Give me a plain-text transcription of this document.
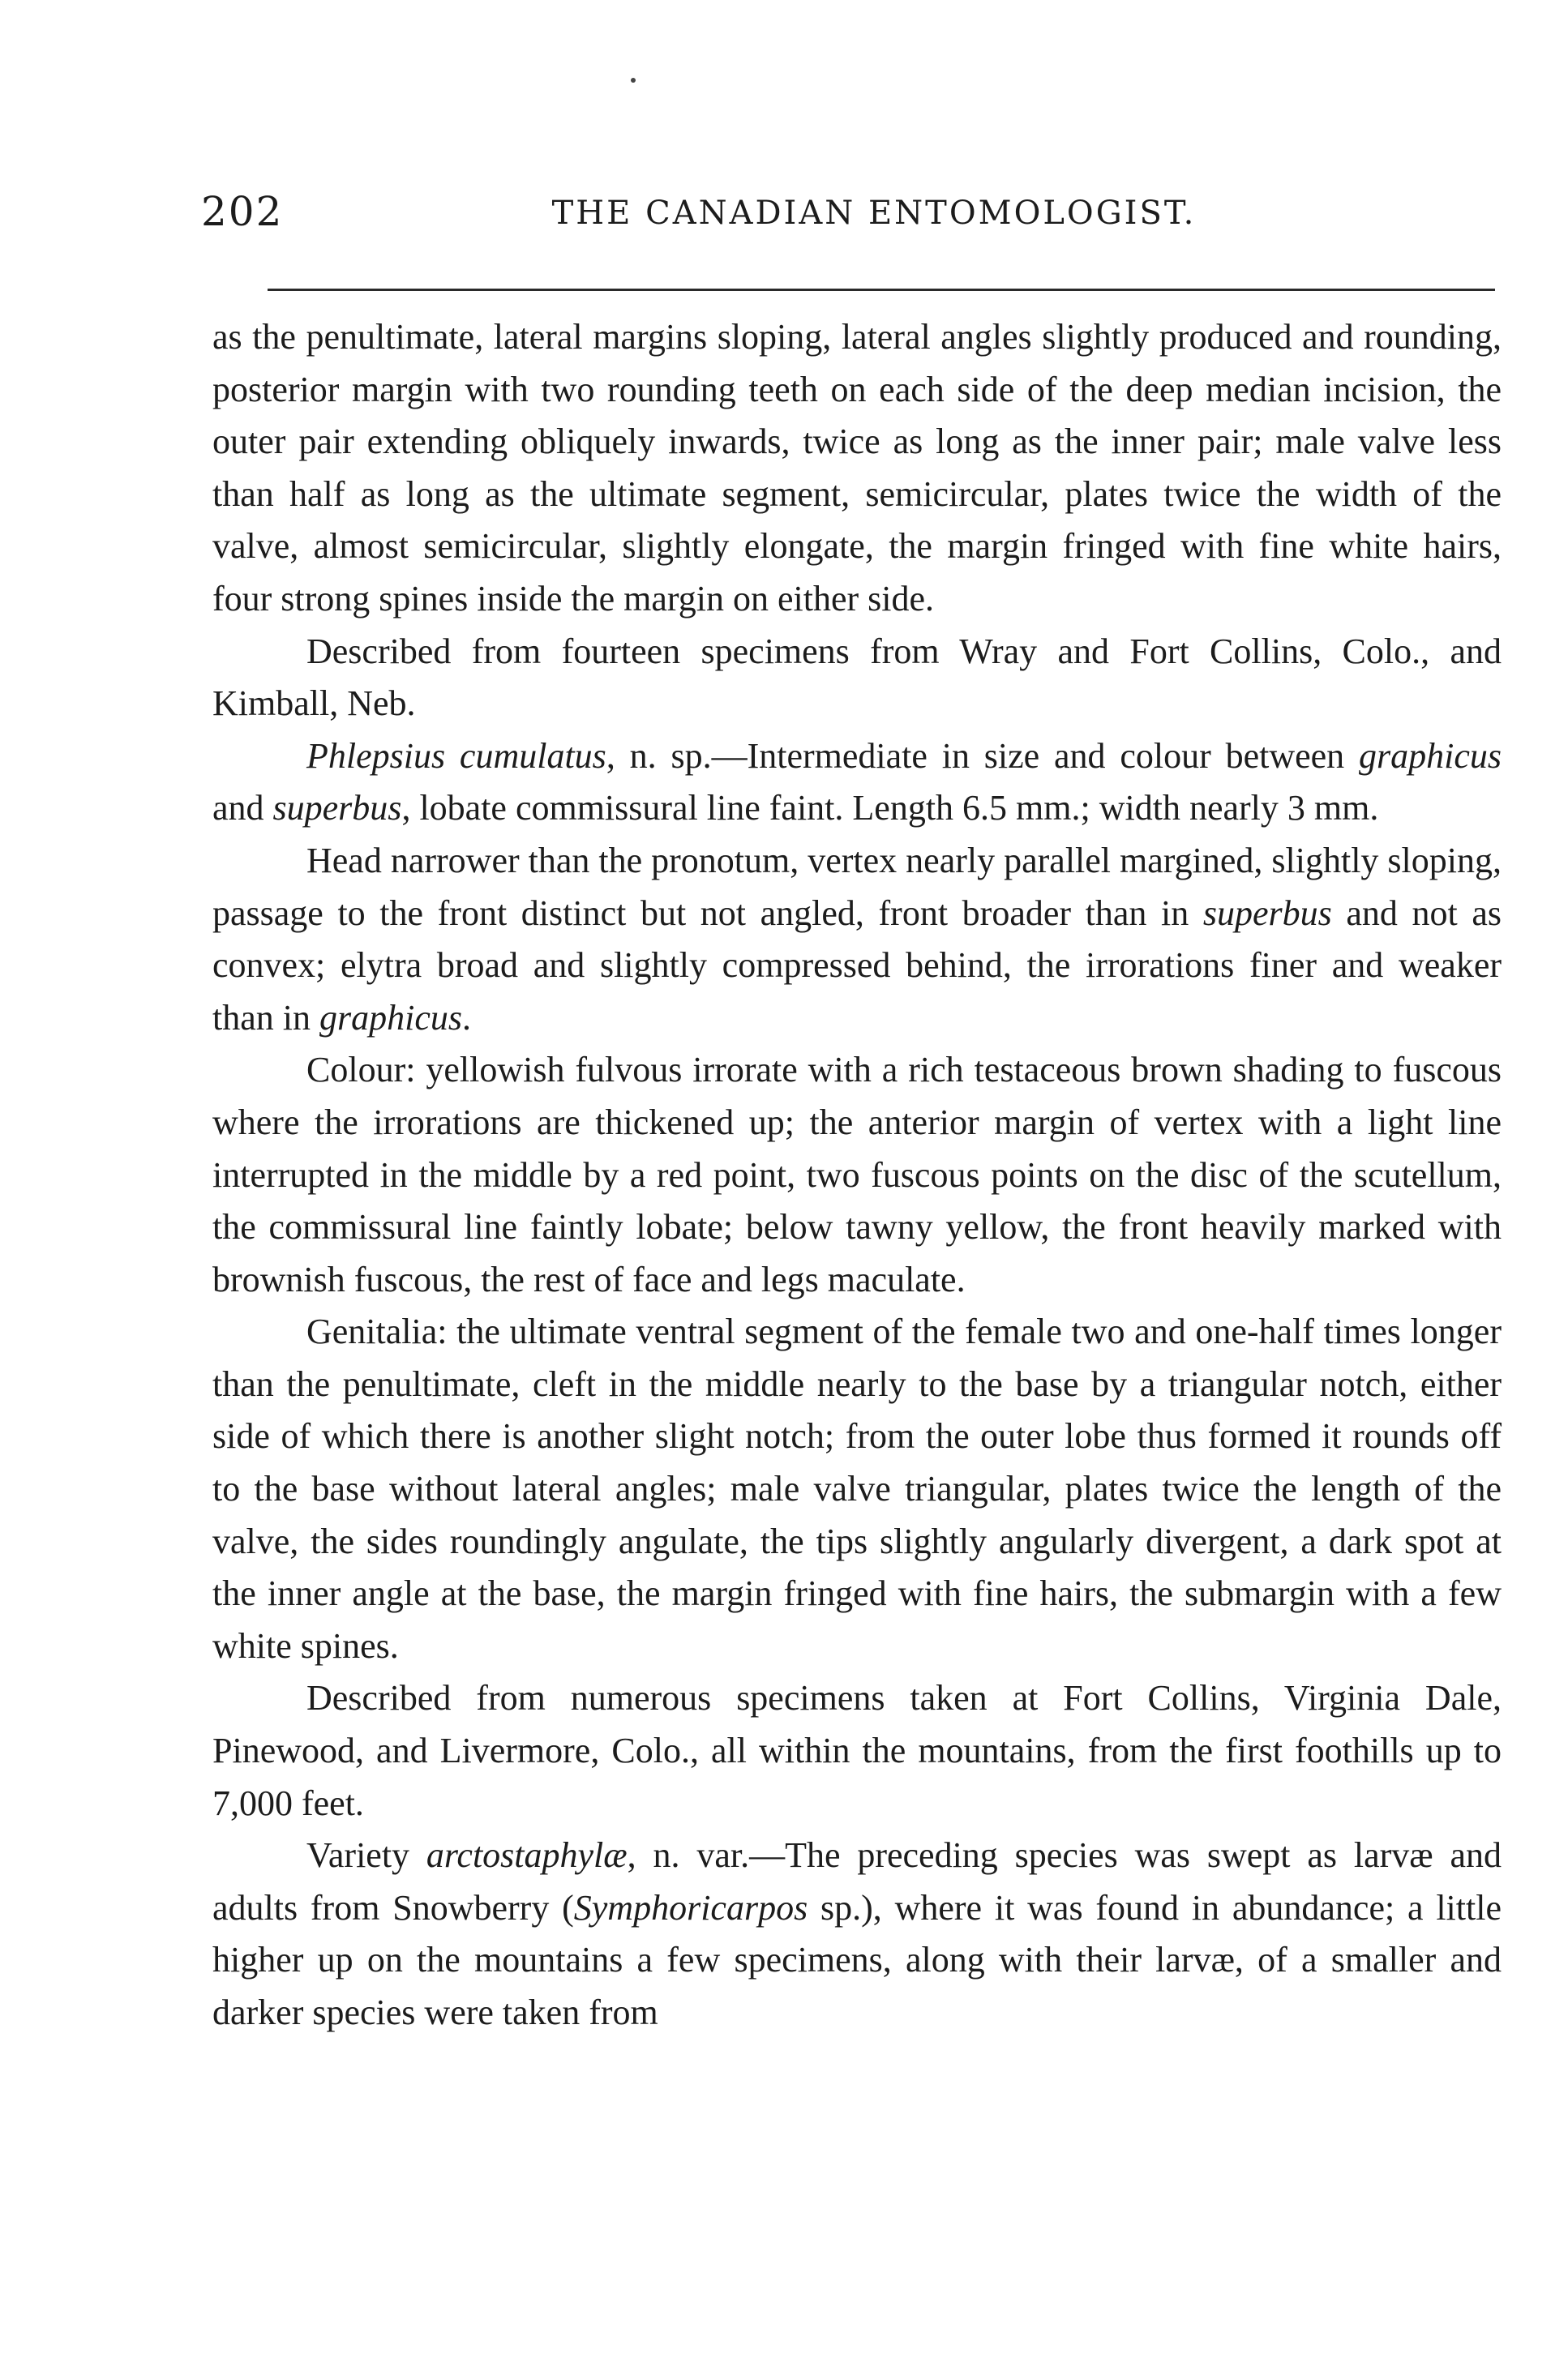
202	THE CANADIAN ENTOMOLOGIST.

as the penultimate, lateral margins sloping, lateral angles slightly produced and rounding, posterior margin with two rounding teeth on each side of the deep median incision, the outer pair extending obliquely inwards, twice as long as the inner pair; male valve less than half as long as the ultimate segment, semicircular, plates twice the width of the valve, almost semicircular, slightly elongate, the margin fringed with fine white hairs, four strong spines inside the margin on either side.

Described from fourteen specimens from Wray and Fort Collins, Colo., and Kimball, Neb.

Phlepsius cumulatus, n. sp.—Intermediate in size and colour between graphicus and superbus, lobate commissural line faint. Length 6.5 mm.; width nearly 3 mm.

Head narrower than the pronotum, vertex nearly parallel margined, slightly sloping, passage to the front distinct but not angled, front broader than in superbus and not as convex; elytra broad and slightly compressed behind, the irrorations finer and weaker than in graphicus.

Colour: yellowish fulvous irrorate with a rich testaceous brown shading to fuscous where the irrorations are thickened up; the anterior margin of vertex with a light line interrupted in the middle by a red point, two fuscous points on the disc of the scutellum, the commissural line faintly lobate; below tawny yellow, the front heavily marked with brownish fuscous, the rest of face and legs maculate.

Genitalia: the ultimate ventral segment of the female two and one-half times longer than the penultimate, cleft in the middle nearly to the base by a triangular notch, either side of which there is another slight notch; from the outer lobe thus formed it rounds off to the base without lateral angles; male valve triangular, plates twice the length of the valve, the sides roundingly angulate, the tips slightly angularly divergent, a dark spot at the inner angle at the base, the margin fringed with fine hairs, the submargin with a few white spines.

Described from numerous specimens taken at Fort Collins, Virginia Dale, Pinewood, and Livermore, Colo., all within the mountains, from the first foothills up to 7,000 feet.

Variety arctostaphylæ, n. var.—The preceding species was swept as larvæ and adults from Snowberry (Symphoricarpos sp.), where it was found in abundance; a little higher up on the mountains a few specimens, along with their larvæ, of a smaller and darker species were taken from
